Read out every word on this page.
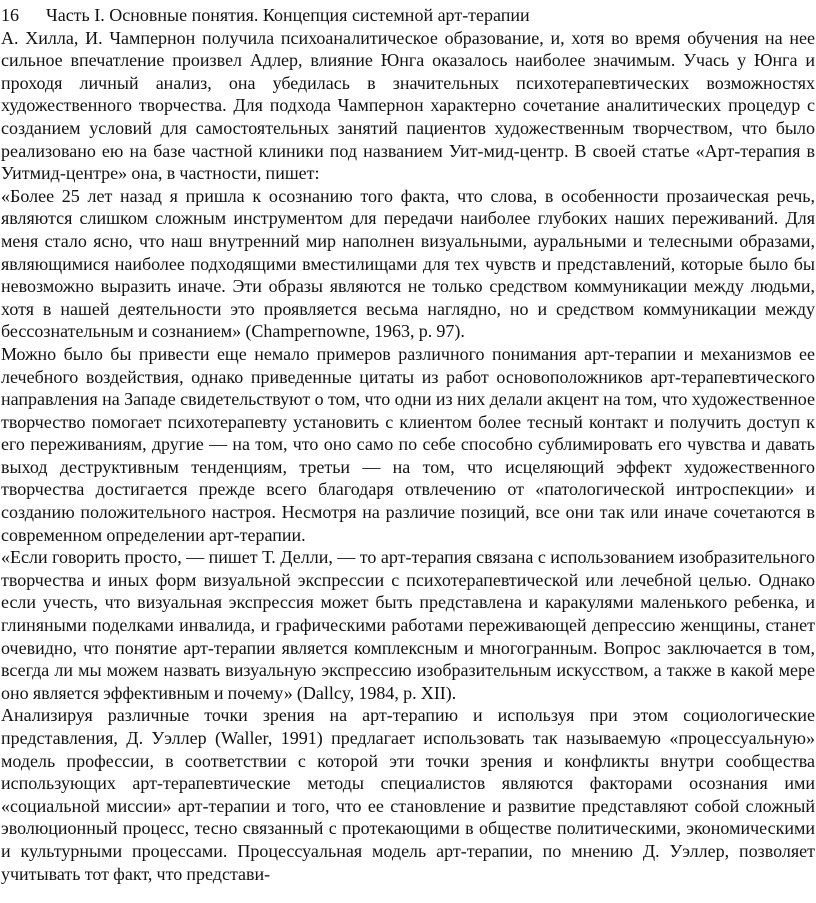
16	Часть I. Основные понятия. Концепция системной арт-терапии

А. Хилла, И. Чампернон получила психоаналитическое образование, и, хотя во время обучения на нее сильное впечатление произвел Адлер, влияние Юнга оказалось наиболее значимым. Учась у Юнга и проходя личный анализ, она убедилась в значительных психотерапевтических возможностях художественного творчества. Для подхода Чампернон характерно сочетание аналитических процедур с созданием условий для самостоятельных занятий пациентов художественным творчеством, что было реализовано ею на базе частной клиники под названием Уит-мид-центр. В своей статье «Арт-терапия в Уитмид-центре» она, в частности, пишет:

«Более 25 лет назад я пришла к осознанию того факта, что слова, в особенности прозаическая речь, являются слишком сложным инструментом для передачи наиболее глубоких наших переживаний. Для меня стало ясно, что наш внутренний мир наполнен визуальными, ауральными и телесными образами, являющимися наиболее подходящими вместилищами для тех чувств и представлений, которые было бы невозможно выразить иначе. Эти образы являются не только средством коммуникации между людьми, хотя в нашей деятельности это проявляется весьма наглядно, но и средством коммуникации между бессознательным и сознанием» (Champernowne, 1963, p. 97).

Можно было бы привести еще немало примеров различного понимания арт-терапии и механизмов ее лечебного воздействия, однако приведенные цитаты из работ основоположников арт-терапевтического направления на Западе свидетельствуют о том, что одни из них делали акцент на том, что художественное творчество помогает психотерапевту установить с клиентом более тесный контакт и получить доступ к его переживаниям, другие — на том, что оно само по себе способно сублимировать его чувства и давать выход деструктивным тенденциям, третьи — на том, что исцеляющий эффект художественного творчества достигается прежде всего благодаря отвлечению от «патологической интроспекции» и созданию положительного настроя. Несмотря на различие позиций, все они так или иначе сочетаются в современном определении арт-терапии.

«Если говорить просто, — пишет Т. Делли, — то арт-терапия связана с использованием изобразительного творчества и иных форм визуальной экспрессии с психотерапевтической или лечебной целью. Однако если учесть, что визуальная экспрессия может быть представлена и каракулями маленького ребенка, и глиняными поделками инвалида, и графическими работами переживающей депрессию женщины, станет очевидно, что понятие арт-терапии является комплексным и многогранным. Вопрос заключается в том, всегда ли мы можем назвать визуальную экспрессию изобразительным искусством, а также в какой мере оно является эффективным и почему» (Dallcy, 1984, p. XII).

Анализируя различные точки зрения на арт-терапию и используя при этом социологические представления, Д. Уэллер (Waller, 1991) предлагает использовать так называемую «процессуальную» модель профессии, в соответствии с которой эти точки зрения и конфликты внутри сообщества использующих арт-терапевтические методы специалистов являются факторами осознания ими «социальной миссии» арт-терапии и того, что ее становление и развитие представляют собой сложный эволюционный процесс, тесно связанный с протекающими в обществе политическими, экономическими и культурными процессами. Процессуальная модель арт-терапии, по мнению Д. Уэллер, позволяет учитывать тот факт, что представи-
